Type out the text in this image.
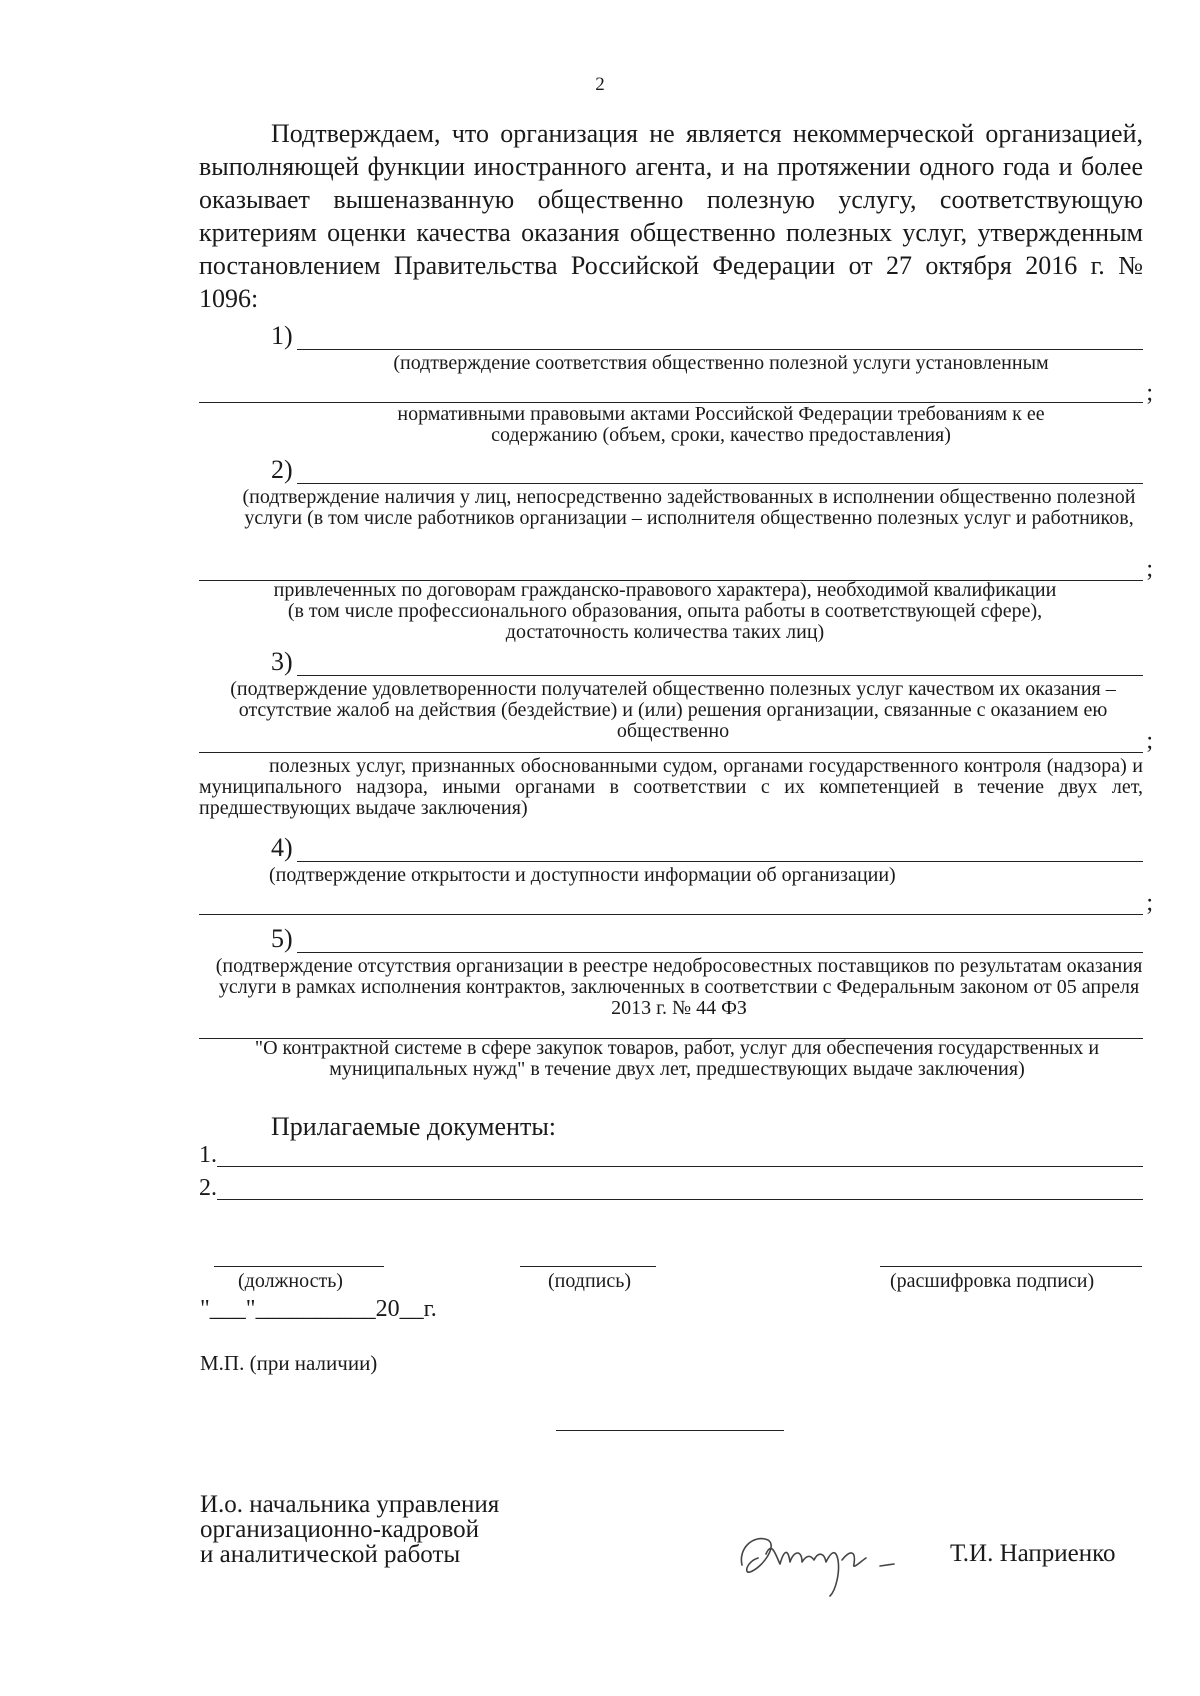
2

Подтверждаем, что организация не является некоммерческой организацией, выполняющей функции иностранного агента, и на протяжении одного года и более оказывает вышеназванную общественно полезную услугу, соответствующую критериям оценки качества оказания общественно полезных услуг, утвержденным постановлением Правительства Российской Федерации от 27 октября 2016 г. № 1096:

1)

(подтверждение соответствия общественно полезной услуги установленным

;

нормативными правовыми актами Российской Федерации требованиям к ее содержанию (объем, сроки, качество предоставления)

2)

(подтверждение наличия у лиц, непосредственно задействованных в исполнении общественно полезной услуги (в том числе работников организации – исполнителя общественно полезных услуг и работников,

;

привлеченных по договорам гражданско-правового характера), необходимой квалификации (в том числе профессионального образования, опыта работы в соответствующей сфере), достаточность количества таких лиц)

3)

(подтверждение удовлетворенности получателей общественно полезных услуг качеством их оказания – отсутствие жалоб на действия (бездействие) и (или) решения организации, связанные с оказанием ею общественно	;

полезных услуг, признанных обоснованными судом, органами государственного контроля (надзора) и муниципального надзора, иными органами в соответствии с их компетенцией в течение двух лет, предшествующих выдаче заключения)

4)

(подтверждение открытости и доступности информации об организации)

;
5)

(подтверждение отсутствия организации в реестре недобросовестных поставщиков по результатам оказания услуги в рамках исполнения контрактов, заключенных в соответствии с Федеральным законом от 05 апреля 2013 г. № 44 ФЗ

"О контрактной системе в сфере закупок товаров, работ, услуг для обеспечения государственных и муниципальных нужд" в течение двух лет, предшествующих выдаче заключения)

Прилагаемые документы:
1.
2.
(должность)	(подпись)	(расшифровка подписи)
"___"__________20__г.
М.П. (при наличии)
И.о. начальника управления
организационно-кадровой
и аналитической работы	Т.И. Наприенко
